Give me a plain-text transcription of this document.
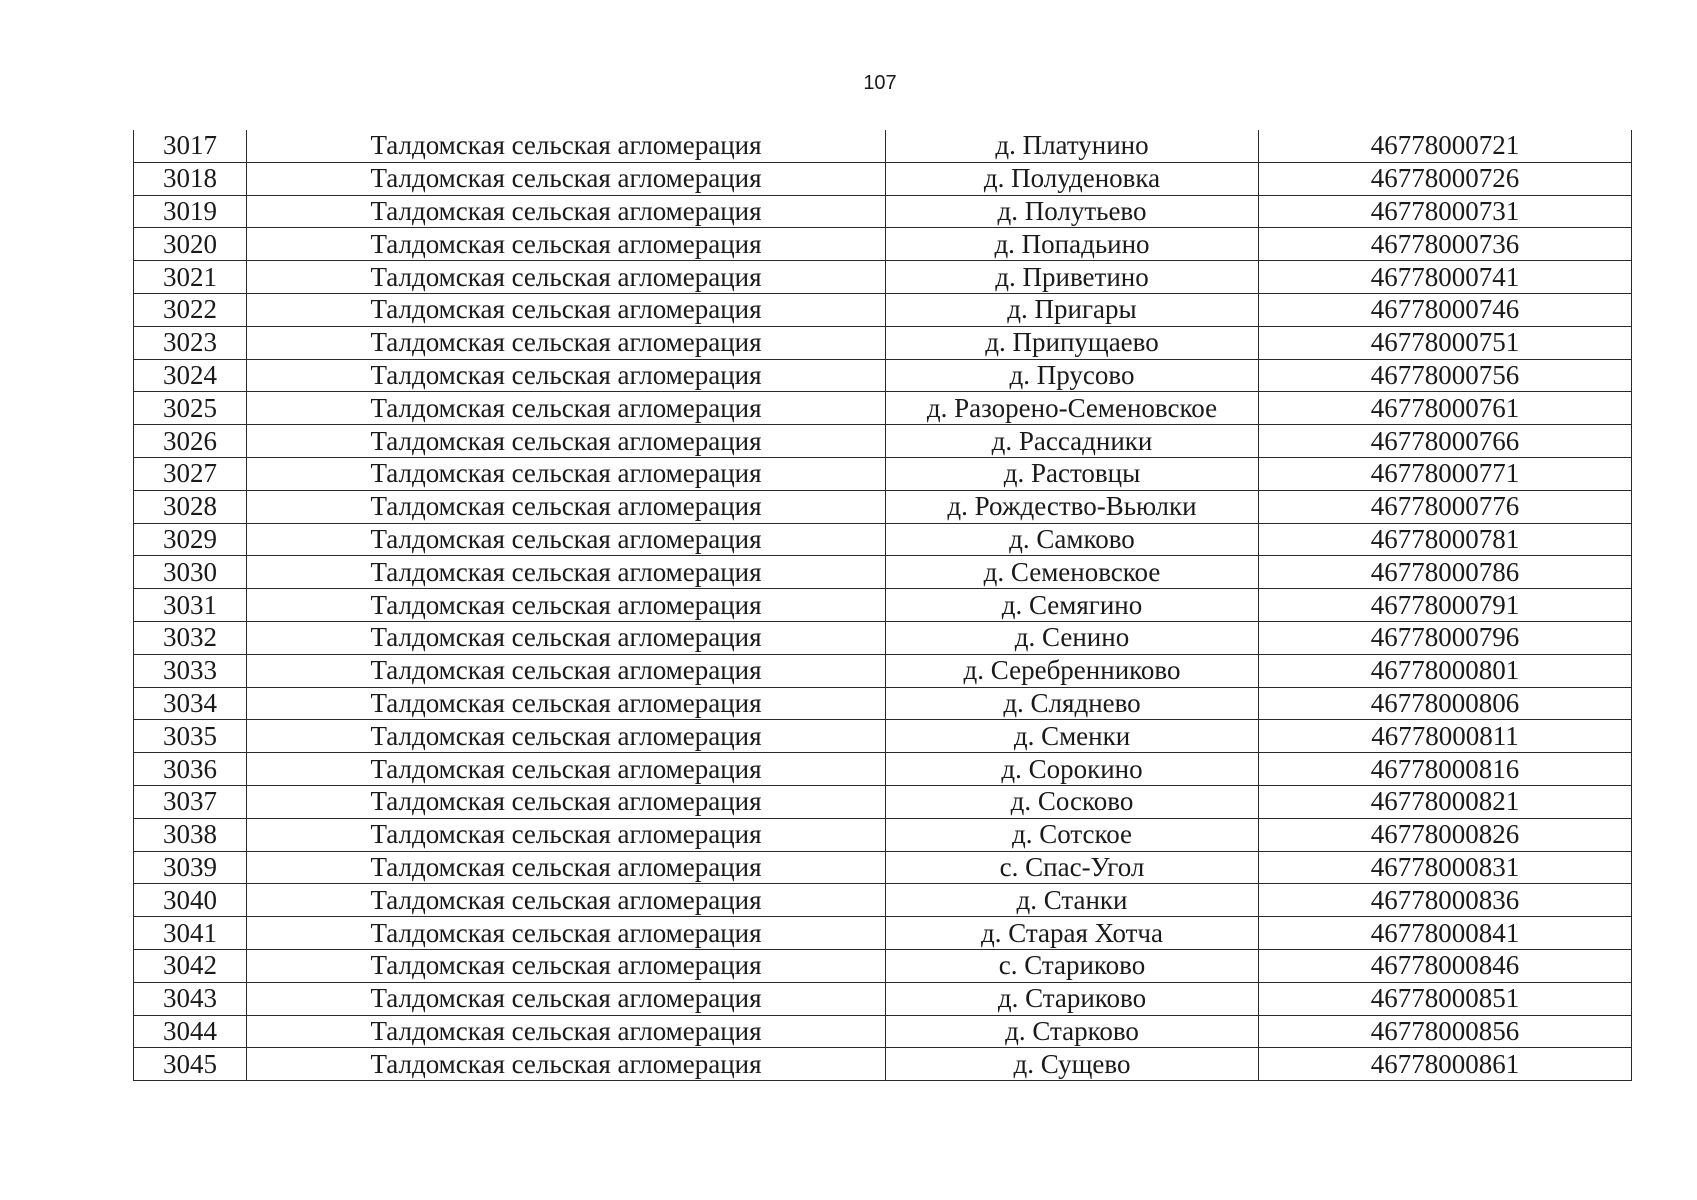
107
3017	Талдомская сельская агломерация	д. Платунино	46778000721
3018	Талдомская сельская агломерация	д. Полуденовка	46778000726
3019	Талдомская сельская агломерация	д. Полутьево	46778000731
3020	Талдомская сельская агломерация	д. Попадьино	46778000736
3021	Талдомская сельская агломерация	д. Приветино	46778000741
3022	Талдомская сельская агломерация	д. Пригары	46778000746
3023	Талдомская сельская агломерация	д. Припущаево	46778000751
3024	Талдомская сельская агломерация	д. Прусово	46778000756
3025	Талдомская сельская агломерация	д. Разорено-Семеновское	46778000761
3026	Талдомская сельская агломерация	д. Рассадники	46778000766
3027	Талдомская сельская агломерация	д. Растовцы	46778000771
3028	Талдомская сельская агломерация	д. Рождество-Вьюлки	46778000776
3029	Талдомская сельская агломерация	д. Самково	46778000781
3030	Талдомская сельская агломерация	д. Семеновское	46778000786
3031	Талдомская сельская агломерация	д. Семягино	46778000791
3032	Талдомская сельская агломерация	д. Сенино	46778000796
3033	Талдомская сельская агломерация	д. Серебренниково	46778000801
3034	Талдомская сельская агломерация	д. Сляднево	46778000806
3035	Талдомская сельская агломерация	д. Сменки	46778000811
3036	Талдомская сельская агломерация	д. Сорокино	46778000816
3037	Талдомская сельская агломерация	д. Сосково	46778000821
3038	Талдомская сельская агломерация	д. Сотское	46778000826
3039	Талдомская сельская агломерация	с. Спас-Угол	46778000831
3040	Талдомская сельская агломерация	д. Станки	46778000836
3041	Талдомская сельская агломерация	д. Старая Хотча	46778000841
3042	Талдомская сельская агломерация	с. Стариково	46778000846
3043	Талдомская сельская агломерация	д. Стариково	46778000851
3044	Талдомская сельская агломерация	д. Старково	46778000856
3045	Талдомская сельская агломерация	д. Сущево	46778000861
